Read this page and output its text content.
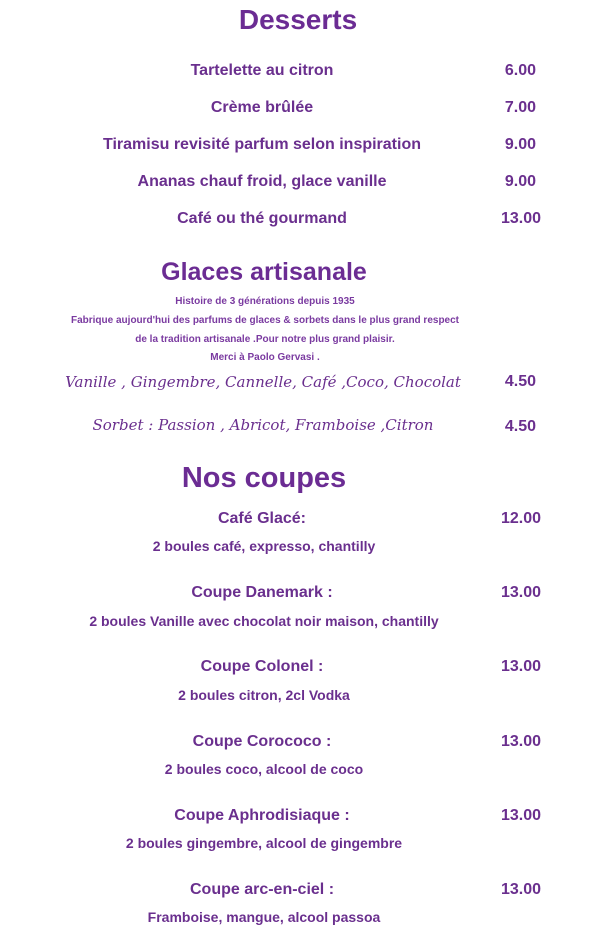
Desserts
Tartelette au citron	6.00
Crème brûlée	7.00
Tiramisu revisité parfum selon inspiration	9.00
Ananas chauf froid, glace vanille	9.00
Café ou thé gourmand	13.00
Glaces artisanale
Histoire de 3 générations depuis 1935
Fabrique aujourd'hui des parfums de glaces & sorbets dans le plus grand respect
de la tradition artisanale .Pour notre plus grand plaisir.
Merci à Paolo Gervasi .
Vanille , Gingembre, Cannelle, Café ,Coco, Chocolat	4.50
Sorbet : Passion , Abricot, Framboise ,Citron	4.50
Nos coupes
Café Glacé:	12.00
2 boules café, expresso, chantilly
Coupe Danemark :	13.00
2 boules Vanille avec chocolat noir maison, chantilly
Coupe Colonel :	13.00
2 boules citron, 2cl Vodka
Coupe Corococo :	13.00
2 boules coco, alcool de coco
Coupe Aphrodisiaque :	13.00
2 boules gingembre, alcool de gingembre
Coupe arc-en-ciel :	13.00
Framboise, mangue, alcool passoa
